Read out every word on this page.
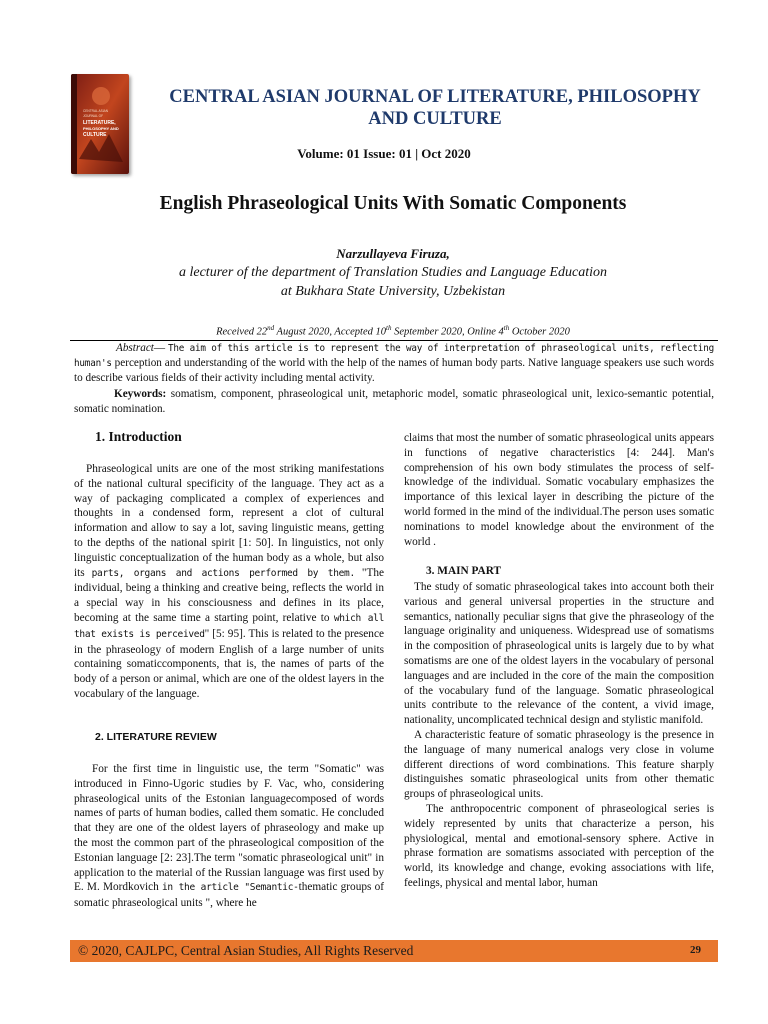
CENTRAL ASIAN
JOURNAL OF
LITERATURE,
PHILOSOPHY AND
CULTURE
CENTRAL ASIAN JOURNAL OF LITERATURE, PHILOSOPHY
AND CULTURE
Volume: 01 Issue: 01 | Oct 2020
English Phraseological Units With Somatic Components
Narzullayeva Firuza,
a lecturer of the department of Translation Studies and Language Education
at Bukhara State University, Uzbekistan
Received 22nd August 2020, Accepted 10th September 2020, Online 4th October 2020
Abstract— The aim of this article is to represent the way of interpretation of phraseological units, reflecting human's perception and understanding of the world with the help of the names of human body parts. Native language speakers use such words to describe various fields of their activity including mental activity.
Keywords: somatism, component, phraseological unit, metaphoric model, somatic phraseological unit, lexico-semantic potential, somatic nomination.
1. Introduction

Phraseological units are one of the most striking manifestations of the national cultural specificity of the language. They act as a way of packaging complicated a complex of experiences and thoughts in a condensed form, represent a clot of cultural information and allow to say a lot, saving linguistic means, getting to the depths of the national spirit [1: 50]. In linguistics, not only linguistic conceptualization of the human body as a whole, but also its parts, organs and actions performed by them. "The individual, being a thinking and creative being, reflects the world in a special way in his consciousness and defines in its place, becoming at the same time a starting point, relative to which all that exists is perceived" [5: 95]. This is related to the presence in the phraseology of modern English of a large number of units containing somaticcomponents, that is, the names of parts of the body of a person or animal, which are one of the oldest layers in the vocabulary of the language.

2. LITERATURE REVIEW

For the first time in linguistic use, the term "Somatic" was introduced in Finno-Ugoric studies by F. Vac, who, considering phraseological units of the Estonian languagecomposed of words names of parts of human bodies, called them somatic. He concluded that they are one of the oldest layers of phraseology and make up the most the common part of the phraseological composition of the Estonian language [2: 23].The term "somatic phraseological unit" in application to the material of the Russian language was first used by E. M. Mordkovich in the article "Semantic-thematic groups of somatic phraseological units ", where he

claims that most the number of somatic phraseological units appears in functions of negative characteristics [4: 244]. Man's comprehension of his own body stimulates the process of self-knowledge of the individual. Somatic vocabulary emphasizes the importance of this lexical layer in describing the picture of the world formed in the mind of the individual.The person uses somatic nominations to model knowledge about the environment of the world .

3. MAIN PART

The study of somatic phraseological takes into account both their various and general universal properties in the structure and semantics, nationally peculiar signs that give the phraseology of the language originality and uniqueness. Widespread use of somatisms in the composition of phraseological units is largely due to by what somatisms are one of the oldest layers in the vocabulary of personal languages and are included in the core of the main the composition of the vocabulary fund of the language. Somatic phraseological units contribute to the relevance of the content, a vivid image, nationality, uncomplicated technical design and stylistic manifold.

A characteristic feature of somatic phraseology is the presence in the language of many numerical analogs very close in volume different directions of word combinations. This feature sharply distinguishes somatic phraseological units from other thematic groups of phraseological units.

The anthropocentric component of phraseological series is widely represented by units that characterize a person, his physiological, mental and emotional-sensory sphere. Active in phrase formation are somatisms associated with perception of the world, its knowledge and change, evoking associations with life, feelings, physical and mental labor, human

© 2020, CAJLPC, Central Asian Studies, All Rights Reserved	29
